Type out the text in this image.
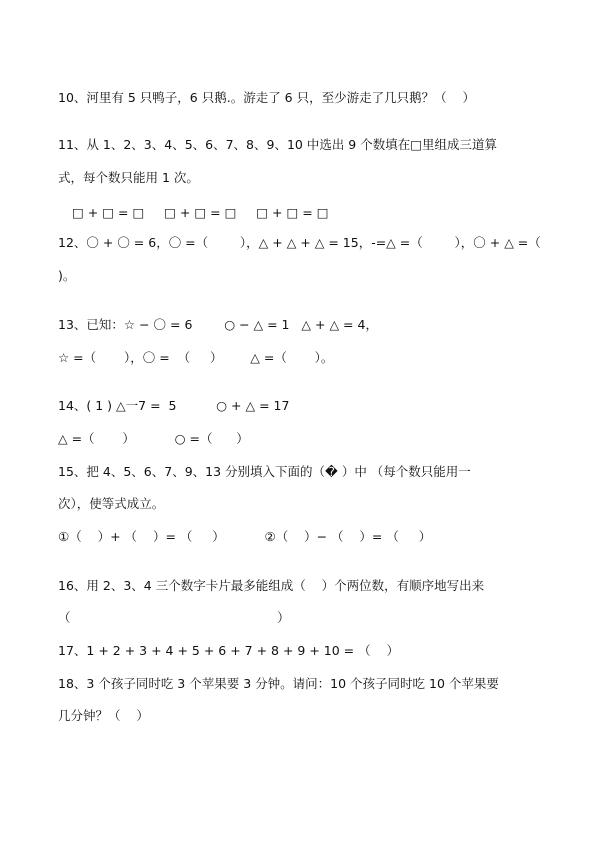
10、河里有 5 只鸭子，6 只鹅.。游走了 6 只，至少游走了几只鹅？（    ）
11、从 1、2、3、4、5、6、7、8、9、10 中选出 9 个数填在□里组成三道算
式，每个数只能用 1 次。
□ + □ = □     □ + □ = □     □ + □ = □
12、〇 + 〇 = 6，〇 =（        ），△ + △ + △ = 15，-=△ =（        ），〇 + △ =（
)。
13、已知：☆ − 〇 = 6        ○ − △ = 1   △ + △ = 4，
☆ =（       ），〇 =  （     ）       △ =（       ）。
14、( 1 ) △一7 =  5          ○ + △ = 17
△ =（       ）          ○ =（      ）
15、把 4、5、6、7、9、13 分别填入下面的（� ）中 （每个数只能用一
次），使等式成立。
①（    ）+ （    ）= （     ）          ②（    ）− （    ）= （     ）
16、用 2、3、4 三个数字卡片最多能组成（    ）个两位数，有顺序地写出来
（                                                    ）
17、1 + 2 + 3 + 4 + 5 + 6 + 7 + 8 + 9 + 10 = （    ）
18、3 个孩子同时吃 3 个苹果要 3 分钟。请问：10 个孩子同时吃 10 个苹果要
几分钟？（    ）
